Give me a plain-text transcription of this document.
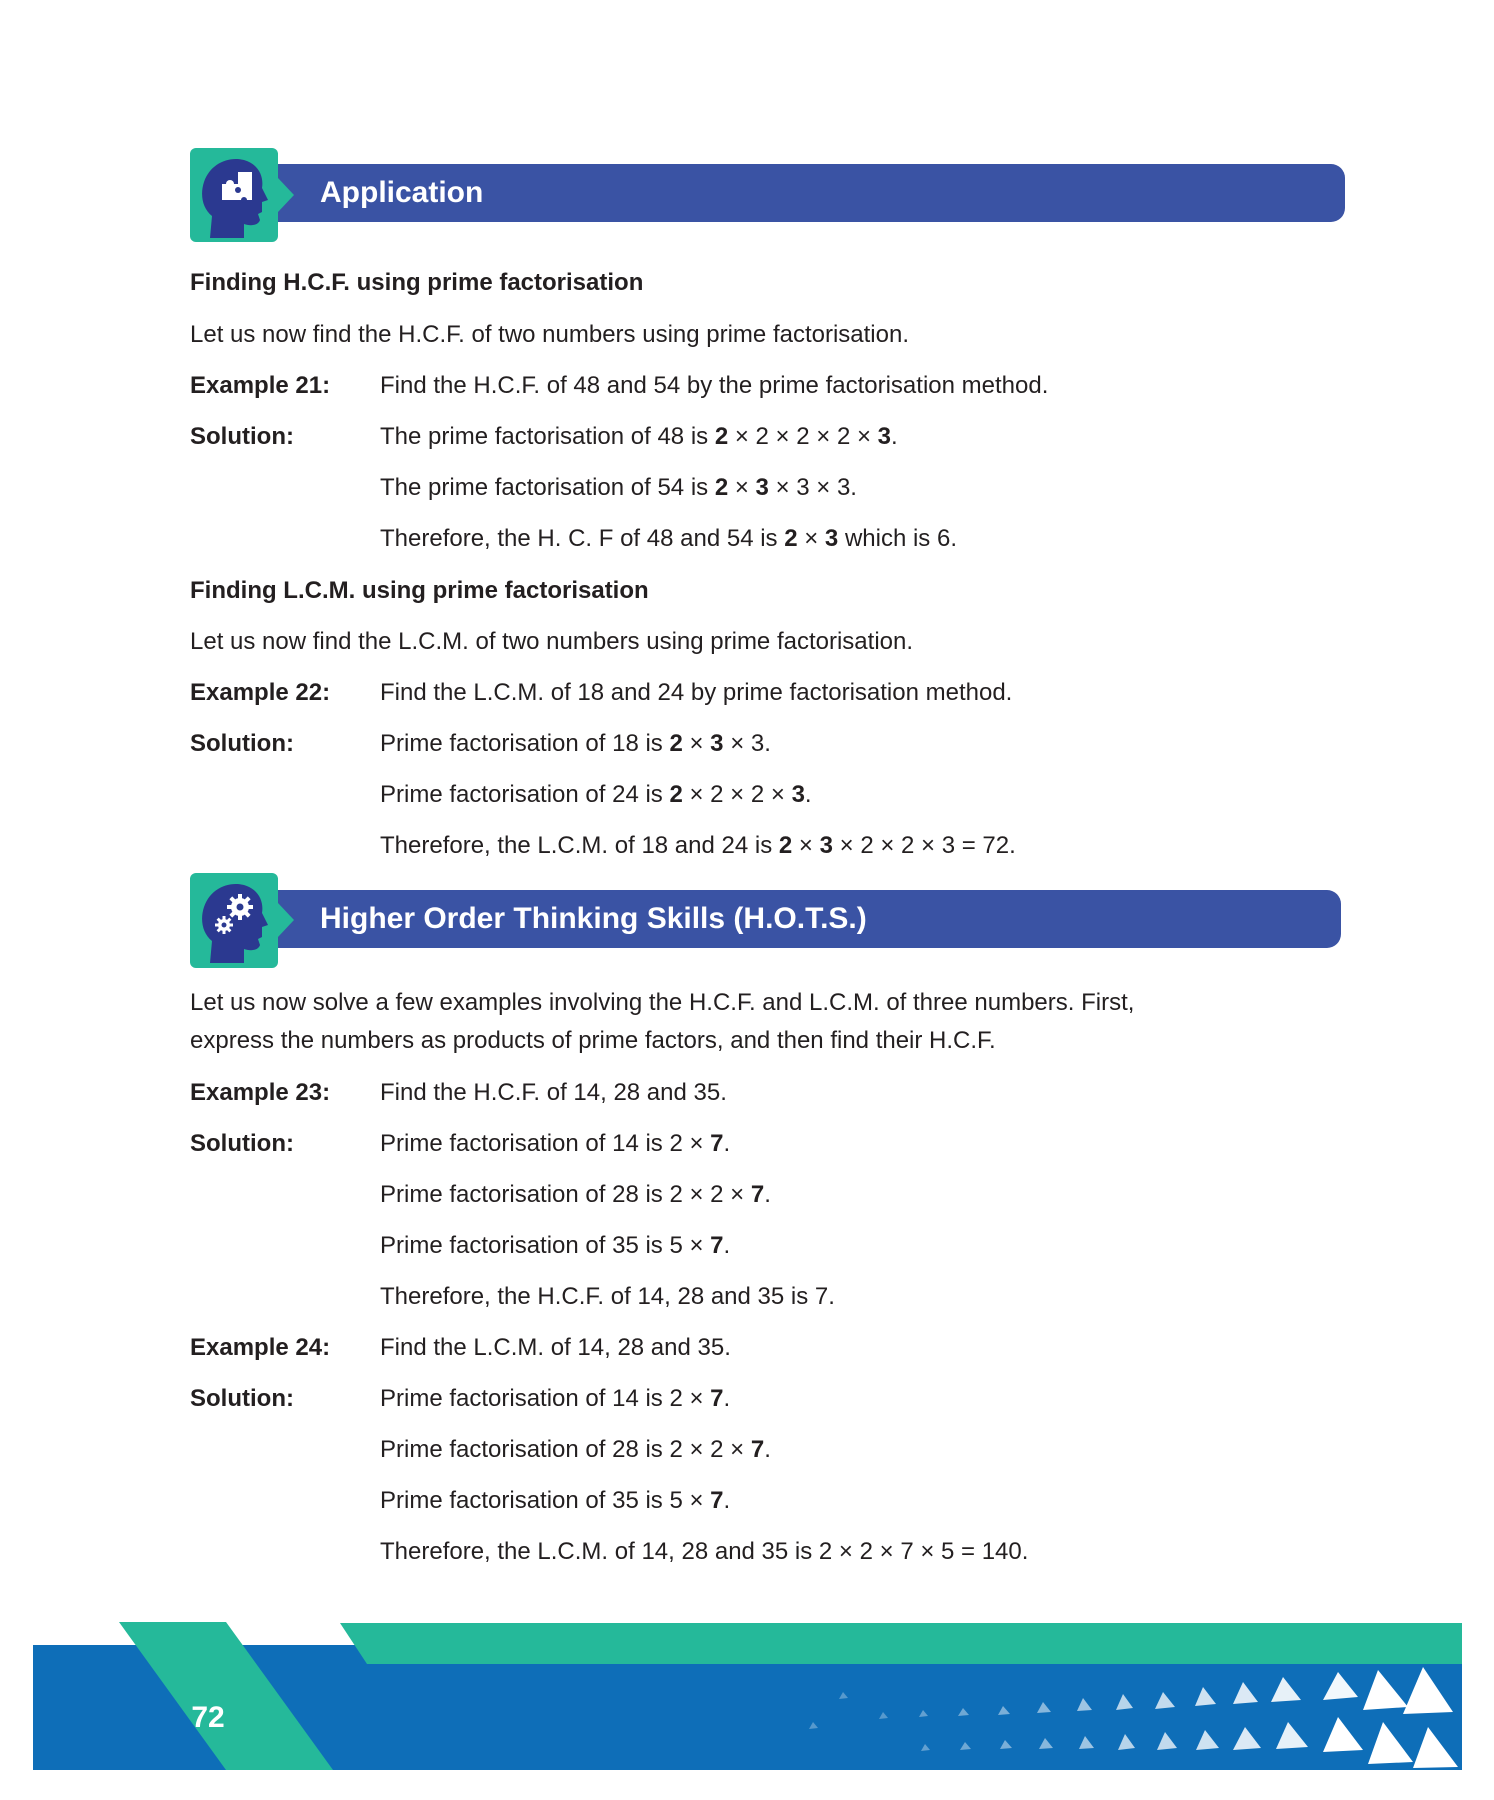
Application
Finding H.C.F. using prime factorisation
Let us now find the H.C.F. of two numbers using prime factorisation.
Example 21: Find the H.C.F. of 48 and 54 by the prime factorisation method.
Solution:	The prime factorisation of 48 is 2 × 2 × 2 × 2 × 3.
The prime factorisation of 54 is 2 × 3 × 3 × 3.
Therefore, the H. C. F of 48 and 54 is 2 × 3 which is 6.
Finding L.C.M. using prime factorisation
Let us now find the L.C.M. of two numbers using prime factorisation.
Example 22: Find the L.C.M. of 18 and 24 by prime factorisation method.
Solution:	Prime factorisation of 18 is 2 × 3 × 3.
Prime factorisation of 24 is 2 × 2 × 2 × 3.
Therefore, the L.C.M. of 18 and 24 is 2 × 3 × 2 × 2 × 3 = 72.
Higher Order Thinking Skills (H.O.T.S.)
Let us now solve a few examples involving the H.C.F. and L.C.M. of three numbers. First,
express the numbers as products of prime factors, and then find their H.C.F.
Example 23: Find the H.C.F. of 14, 28 and 35.
Solution:	Prime factorisation of 14 is 2 × 7.
Prime factorisation of 28 is 2 × 2 × 7.
Prime factorisation of 35 is 5 × 7.
Therefore, the H.C.F. of 14, 28 and 35 is 7.
Example 24: Find the L.C.M. of 14, 28 and 35.
Solution:	Prime factorisation of 14 is 2 × 7.
Prime factorisation of 28 is 2 × 2 × 7.
Prime factorisation of 35 is 5 × 7.
Therefore, the L.C.M. of 14, 28 and 35 is 2 × 2 × 7 × 5 = 140.
72
